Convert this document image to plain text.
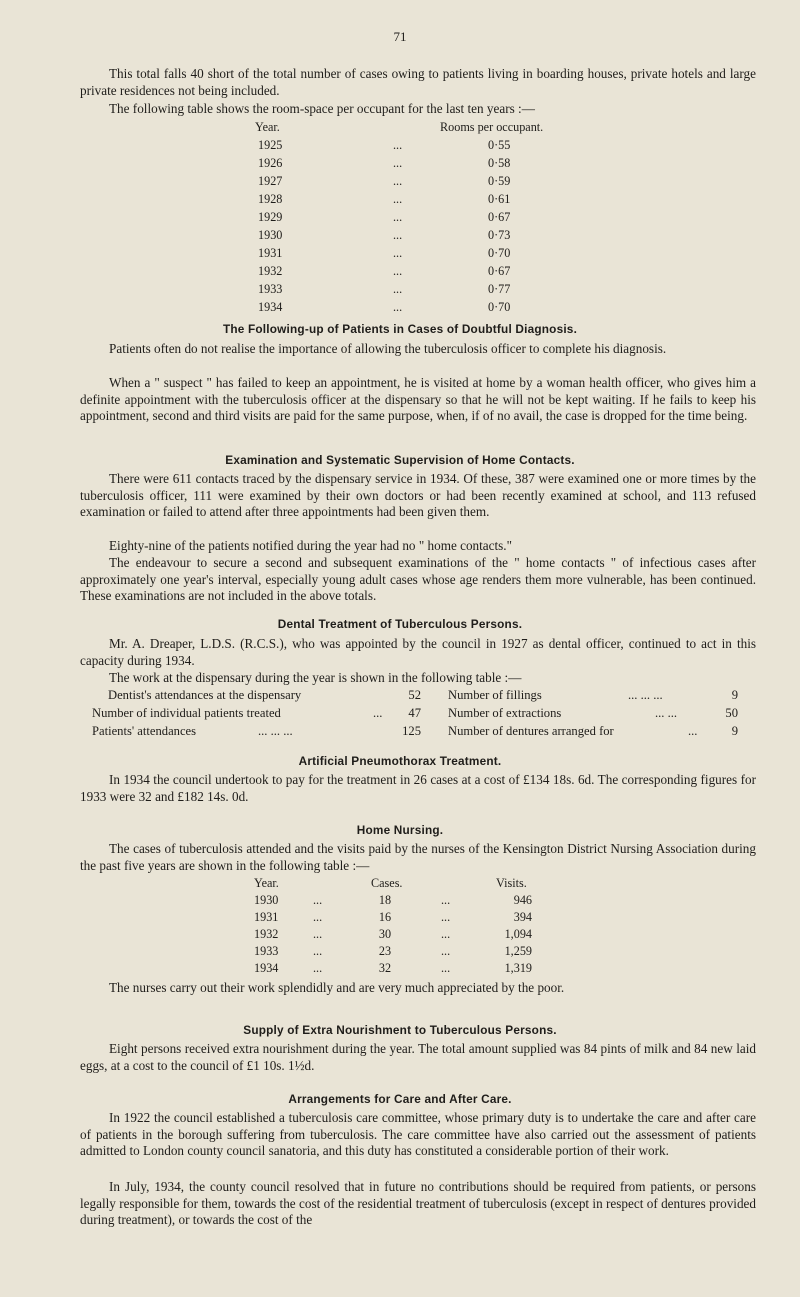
71

This total falls 40 short of the total number of cases owing to patients living in boarding houses, private hotels and large private residences not being included.

The following table shows the room-space per occupant for the last ten years :—

Year.	Rooms per occupant.
1925	...	0·55
1926	...	0·58
1927	...	0·59
1928	...	0·61
1929	...	0·67
1930	...	0·73
1931	...	0·70
1932	...	0·67
1933	...	0·77
1934	...	0·70
The Following-up of Patients in Cases of Doubtful Diagnosis.

Patients often do not realise the importance of allowing the tuberculosis officer to complete his diagnosis.

When a " suspect " has failed to keep an appointment, he is visited at home by a woman health officer, who gives him a definite appointment with the tuberculosis officer at the dispensary so that he will not be kept waiting. If he fails to keep his appointment, second and third visits are paid for the same purpose, when, if of no avail, the case is dropped for the time being.

Examination and Systematic Supervision of Home Contacts.

There were 611 contacts traced by the dispensary service in 1934. Of these, 387 were examined one or more times by the tuberculosis officer, 111 were examined by their own doctors or had been recently examined at school, and 113 refused examination or failed to attend after three appointments had been given them.

Eighty-nine of the patients notified during the year had no " home contacts."

The endeavour to secure a second and subsequent examinations of the " home contacts " of infectious cases after approximately one year's interval, especially young adult cases whose age renders them more vulnerable, has been continued. These examinations are not included in the above totals.

Dental Treatment of Tuberculous Persons.

Mr. A. Dreaper, L.D.S. (R.C.S.), who was appointed by the council in 1927 as dental officer, continued to act in this capacity during 1934.

The work at the dispensary during the year is shown in the following table :—

Dentist's attendances at the dispensary	52 Number of fillings	... ... ...	9
Number of individual patients treated	...	47 Number of extractions	... ...	50
Patients' attendances	... ... ...	125 Number of dentures arranged for	...	9
Artificial Pneumothorax Treatment.

In 1934 the council undertook to pay for the treatment in 26 cases at a cost of £134 18s. 6d. The corresponding figures for 1933 were 32 and £182 14s. 0d.

Home Nursing.

The cases of tuberculosis attended and the visits paid by the nurses of the Kensington District Nursing Association during the past five years are shown in the following table :—

Year.	Cases.	Visits.
1930	...	18	...	946
1931	...	16	...	394
1932	...	30	...	1,094
1933	...	23	...	1,259
1934	...	32	...	1,319

The nurses carry out their work splendidly and are very much appreciated by the poor.

Supply of Extra Nourishment to Tuberculous Persons.

Eight persons received extra nourishment during the year. The total amount supplied was 84 pints of milk and 84 new laid eggs, at a cost to the council of £1 10s. 1½d.

Arrangements for Care and After Care.

In 1922 the council established a tuberculosis care committee, whose primary duty is to undertake the care and after care of patients in the borough suffering from tuberculosis. The care committee have also carried out the assessment of patients admitted to London county council sanatoria, and this duty has constituted a considerable portion of their work.

In July, 1934, the county council resolved that in future no contributions should be required from patients, or persons legally responsible for them, towards the cost of the residential treatment of tuberculosis (except in respect of dentures provided during treatment), or towards the cost of the
